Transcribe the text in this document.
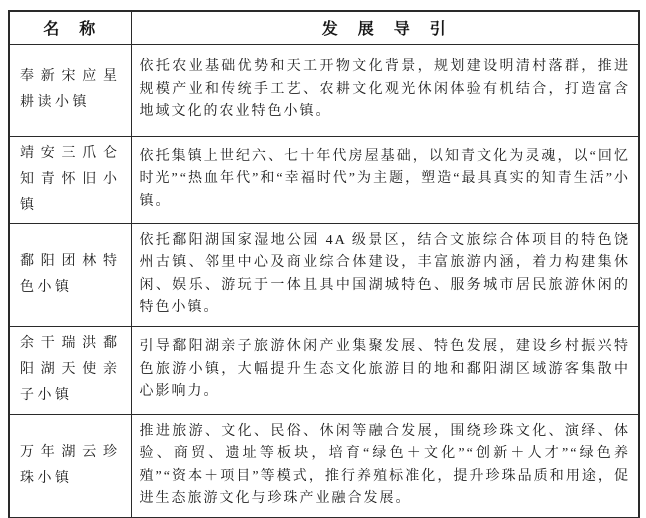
名　称	发　展　导　引
奉新宋应星耕读小镇	依托农业基础优势和天工开物文化背景，规划建设明清村落群，推进规模产业和传统手工艺、农耕文化观光休闲体验有机结合，打造富含地域文化的农业特色小镇。
靖安三爪仑知青怀旧小镇	依托集镇上世纪六、七十年代房屋基础，以知青文化为灵魂，以“回忆时光”“热血年代”和“幸福时代”为主题，塑造“最具真实的知青生活”小镇。
鄱阳团林特色小镇	依托鄱阳湖国家湿地公园 4A 级景区，结合文旅综合体项目的特色饶州古镇、邻里中心及商业综合体建设，丰富旅游内涵，着力构建集休闲、娱乐、游玩于一体且具中国湖城特色、服务城市居民旅游休闲的特色小镇。
余干瑞洪鄱阳湖天使亲子小镇	引导鄱阳湖亲子旅游休闲产业集聚发展、特色发展，建设乡村振兴特色旅游小镇，大幅提升生态文化旅游目的地和鄱阳湖区域游客集散中心影响力。
万年湖云珍珠小镇	推进旅游、文化、民俗、休闲等融合发展，围绕珍珠文化、演绎、体验、商贸、遗址等板块，培育“绿色＋文化”“创新＋人才”“绿色养殖”“资本＋项目”等模式，推行养殖标准化，提升珍珠品质和用途，促进生态旅游文化与珍珠产业融合发展。
